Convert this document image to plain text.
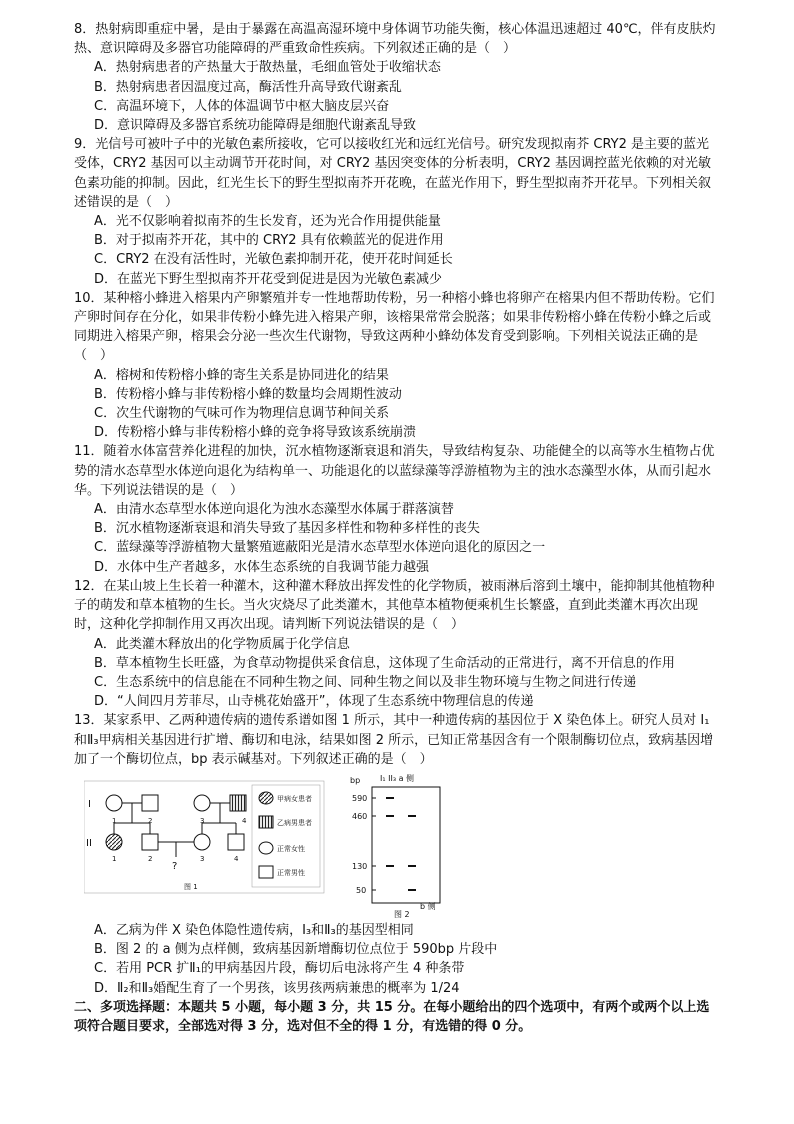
8．热射病即重症中暑，是由于暴露在高温高湿环境中身体调节功能失衡，核心体温迅速超过 40℃，伴有皮肤灼热、意识障碍及多器官功能障碍的严重致命性疾病。下列叙述正确的是（　）

A．热射病患者的产热量大于散热量，毛细血管处于收缩状态
B．热射病患者因温度过高，酶活性升高导致代谢紊乱
C．高温环境下，人体的体温调节中枢大脑皮层兴奋
D．意识障碍及多器官系统功能障碍是细胞代谢紊乱导致

9．光信号可被叶子中的光敏色素所接收，它可以接收红光和远红光信号。研究发现拟南芥 CRY2 是主要的蓝光受体，CRY2 基因可以主动调节开花时间，对 CRY2 基因突变体的分析表明，CRY2 基因调控蓝光依赖的对光敏色素功能的抑制。因此，红光生长下的野生型拟南芥开花晚，在蓝光作用下，野生型拟南芥开花早。下列相关叙述错误的是（　）

A．光不仅影响着拟南芥的生长发育，还为光合作用提供能量
B．对于拟南芥开花，其中的 CRY2 具有依赖蓝光的促进作用
C．CRY2 在没有活性时，光敏色素抑制开花，使开花时间延长
D．在蓝光下野生型拟南芥开花受到促进是因为光敏色素减少

10．某种榕小蜂进入榕果内产卵繁殖并专一性地帮助传粉，另一种榕小蜂也将卵产在榕果内但不帮助传粉。它们产卵时间存在分化，如果非传粉小蜂先进入榕果产卵，该榕果常常会脱落；如果非传粉榕小蜂在传粉小蜂之后或同期进入榕果产卵，榕果会分泌一些次生代谢物，导致这两种小蜂幼体发育受到影响。下列相关说法正确的是（　）

A．榕树和传粉榕小蜂的寄生关系是协同进化的结果
B．传粉榕小蜂与非传粉榕小蜂的数量均会周期性波动
C．次生代谢物的气味可作为物理信息调节种间关系
D．传粉榕小蜂与非传粉榕小蜂的竞争将导致该系统崩溃

11．随着水体富营养化进程的加快，沉水植物逐渐衰退和消失，导致结构复杂、功能健全的以高等水生植物占优势的清水态草型水体逆向退化为结构单一、功能退化的以蓝绿藻等浮游植物为主的浊水态藻型水体，从而引起水华。下列说法错误的是（　）

A．由清水态草型水体逆向退化为浊水态藻型水体属于群落演替
B．沉水植物逐渐衰退和消失导致了基因多样性和物种多样性的丧失
C．蓝绿藻等浮游植物大量繁殖遮蔽阳光是清水态草型水体逆向退化的原因之一
D．水体中生产者越多，水体生态系统的自我调节能力越强

12．在某山坡上生长着一种灌木，这种灌木释放出挥发性的化学物质，被雨淋后溶到土壤中，能抑制其他植物种子的萌发和草本植物的生长。当火灾烧尽了此类灌木，其他草本植物便乘机生长繁盛，直到此类灌木再次出现时，这种化学抑制作用又再次出现。请判断下列说法错误的是（　）

A．此类灌木释放出的化学物质属于化学信息
B．草本植物生长旺盛，为食草动物提供采食信息，这体现了生命活动的正常进行，离不开信息的作用
C．生态系统中的信息能在不同种生物之间、同种生物之间以及非生物环境与生物之间进行传递
D．“人间四月芳菲尽，山寺桃花始盛开”，体现了生态系统中物理信息的传递

13．某家系甲、乙两种遗传病的遗传系谱如图 1 所示，其中一种遗传病的基因位于 X 染色体上。研究人员对 I₁和Ⅱ₃甲病相关基因进行扩增、酶切和电泳，结果如图 2 所示，已知正常基因含有一个限制酶切位点，致病基因增加了一个酶切位点，bp 表示碱基对。下列叙述正确的是（　）

I
II
?
1	2	3	4
1	2	3	4
甲病女患者
乙病男患者
正常女性
正常男性
图 1
bp I₁ II₃ a 侧
590
460
130
50
b 侧
图 2
A．乙病为伴 X 染色体隐性遗传病，I₃和Ⅱ₃的基因型相同
B．图 2 的 a 侧为点样侧，致病基因新增酶切位点位于 590bp 片段中
C．若用 PCR 扩Ⅱ₁的甲病基因片段，酶切后电泳将产生 4 种条带
D．Ⅱ₂和Ⅱ₃婚配生育了一个男孩，该男孩两病兼患的概率为 1/24

二、多项选择题：本题共 5 小题，每小题 3 分，共 15 分。在每小题给出的四个选项中，有两个或两个以上选项符合题目要求，全部选对得 3 分，选对但不全的得 1 分，有选错的得 0 分。
